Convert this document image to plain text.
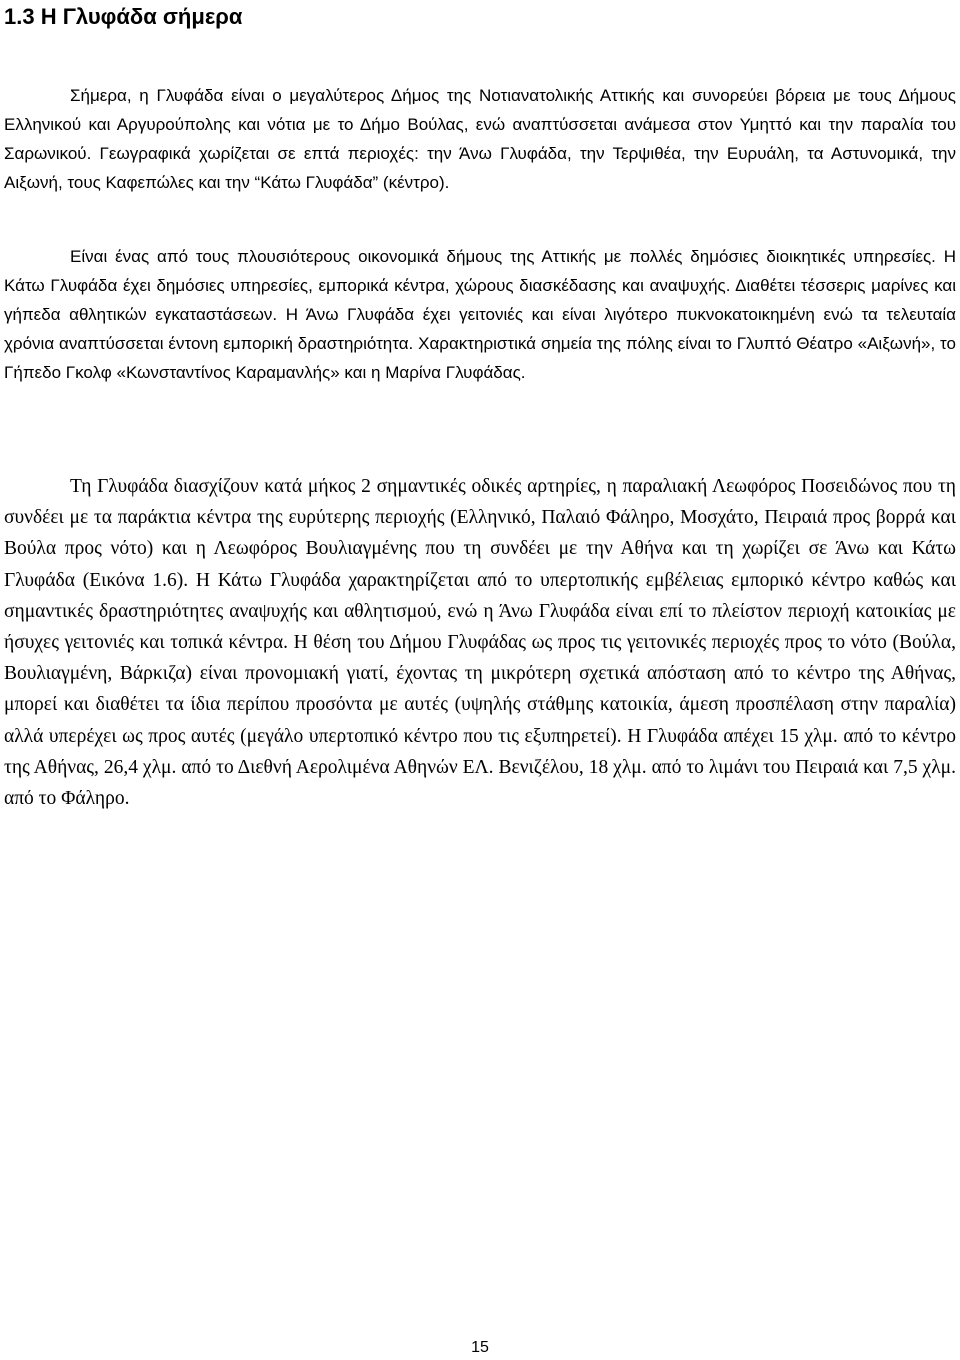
1.3 Η Γλυφάδα σήμερα

Σήμερα, η Γλυφάδα είναι ο μεγαλύτερος Δήμος της Νοτιανατολικής Αττικής και συνορεύει βόρεια με τους Δήμους Ελληνικού και Αργυρούπολης και νότια με το Δήμο Βούλας, ενώ αναπτύσσεται ανάμεσα στον Υμηττό και την παραλία του Σαρωνικού. Γεωγραφικά χωρίζεται σε επτά περιοχές: την Άνω Γλυφάδα, την Τερψιθέα, την Ευρυάλη, τα Αστυνομικά, την Αιξωνή, τους Καφεπώλες και την “Κάτω Γλυφάδα” (κέντρο).

Είναι ένας από τους πλουσιότερους οικονομικά δήμους της Αττικής με πολλές δημόσιες διοικητικές υπηρεσίες. Η Κάτω Γλυφάδα έχει δημόσιες υπηρεσίες, εμπορικά κέντρα, χώρους διασκέδασης και αναψυχής. Διαθέτει τέσσερις μαρίνες και γήπεδα αθλητικών εγκαταστάσεων. Η Άνω Γλυφάδα έχει γειτονιές και είναι λιγότερο πυκνοκατοικημένη ενώ τα τελευταία χρόνια αναπτύσσεται έντονη εμπορική δραστηριότητα. Χαρακτηριστικά σημεία της πόλης είναι το Γλυπτό Θέατρο «Αιξωνή», το Γήπεδο Γκολφ «Κωνσταντίνος Καραμανλής» και η Μαρίνα Γλυφάδας.

Τη Γλυφάδα διασχίζουν κατά μήκος 2 σημαντικές οδικές αρτηρίες, η παραλιακή Λεωφόρος Ποσειδώνος που τη συνδέει με τα παράκτια κέντρα της ευρύτερης περιοχής (Ελληνικό, Παλαιό Φάληρο, Μοσχάτο, Πειραιά προς βορρά και Βούλα προς νότο) και η Λεωφόρος Βουλιαγμένης που τη συνδέει με την Αθήνα και τη χωρίζει σε Άνω και Κάτω Γλυφάδα (Εικόνα 1.6). Η Κάτω Γλυφάδα χαρακτηρίζεται από το υπερτοπικής εμβέλειας εμπορικό κέντρο καθώς και σημαντικές δραστηριότητες αναψυχής και αθλητισμού, ενώ η Άνω Γλυφάδα είναι επί το πλείστον περιοχή κατοικίας με ήσυχες γειτονιές και τοπικά κέντρα. Η θέση του Δήμου Γλυφάδας ως προς τις γειτονικές περιοχές προς το νότο (Βούλα, Βουλιαγμένη, Βάρκιζα) είναι προνομιακή γιατί, έχοντας τη μικρότερη σχετικά απόσταση από το κέντρο της Αθήνας, μπορεί και διαθέτει τα ίδια περίπου προσόντα με αυτές (υψηλής στάθμης κατοικία, άμεση προσπέλαση στην παραλία) αλλά υπερέχει ως προς αυτές (μεγάλο υπερτοπικό κέντρο που τις εξυπηρετεί). Η Γλυφάδα απέχει 15 χλμ. από το κέντρο της Αθήνας, 26,4 χλμ. από το Διεθνή Αερολιμένα Αθηνών ΕΛ. Βενιζέλου, 18 χλμ. από το λιμάνι του Πειραιά και 7,5 χλμ. από το Φάληρο.

15
